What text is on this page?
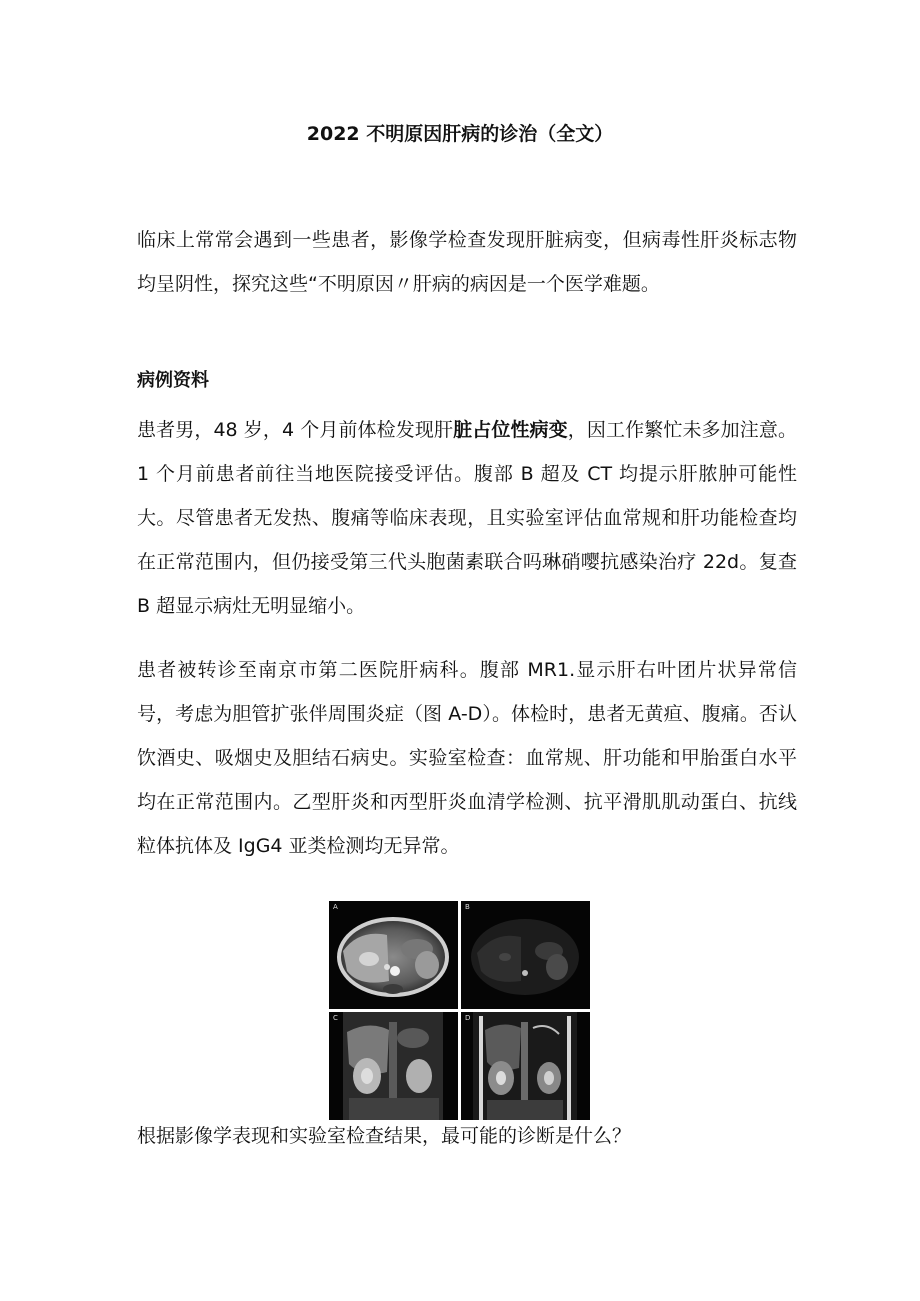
2022 不明原因肝病的诊治（全文）

临床上常常会遇到一些患者，影像学检查发现肝脏病变，但病毒性肝炎标志物均呈阴性，探究这些“不明原因〃肝病的病因是一个医学难题。

病例资料

患者男，48 岁，4 个月前体检发现肝脏占位性病变，因工作繁忙未多加注意。1 个月前患者前往当地医院接受评估。腹部 B 超及 CT 均提示肝脓肿可能性大。尽管患者无发热、腹痛等临床表现，且实验室评估血常规和肝功能检查均在正常范围内，但仍接受第三代头胞菌素联合吗琳硝嘤抗感染治疗 22d。复查 B 超显示病灶无明显缩小。

患者被转诊至南京市第二医院肝病科。腹部 MR1.显示肝右叶团片状异常信号，考虑为胆管扩张伴周围炎症（图 A-D）。体检时，患者无黄疸、腹痛。否认饮酒史、吸烟史及胆结石病史。实验室检查：血常规、肝功能和甲胎蛋白水平均在正常范围内。乙型肝炎和丙型肝炎血清学检测、抗平滑肌肌动蛋白、抗线粒体抗体及 IgG4 亚类检测均无异常。

A	B
C	D

根据影像学表现和实验室检查结果，最可能的诊断是什么？
